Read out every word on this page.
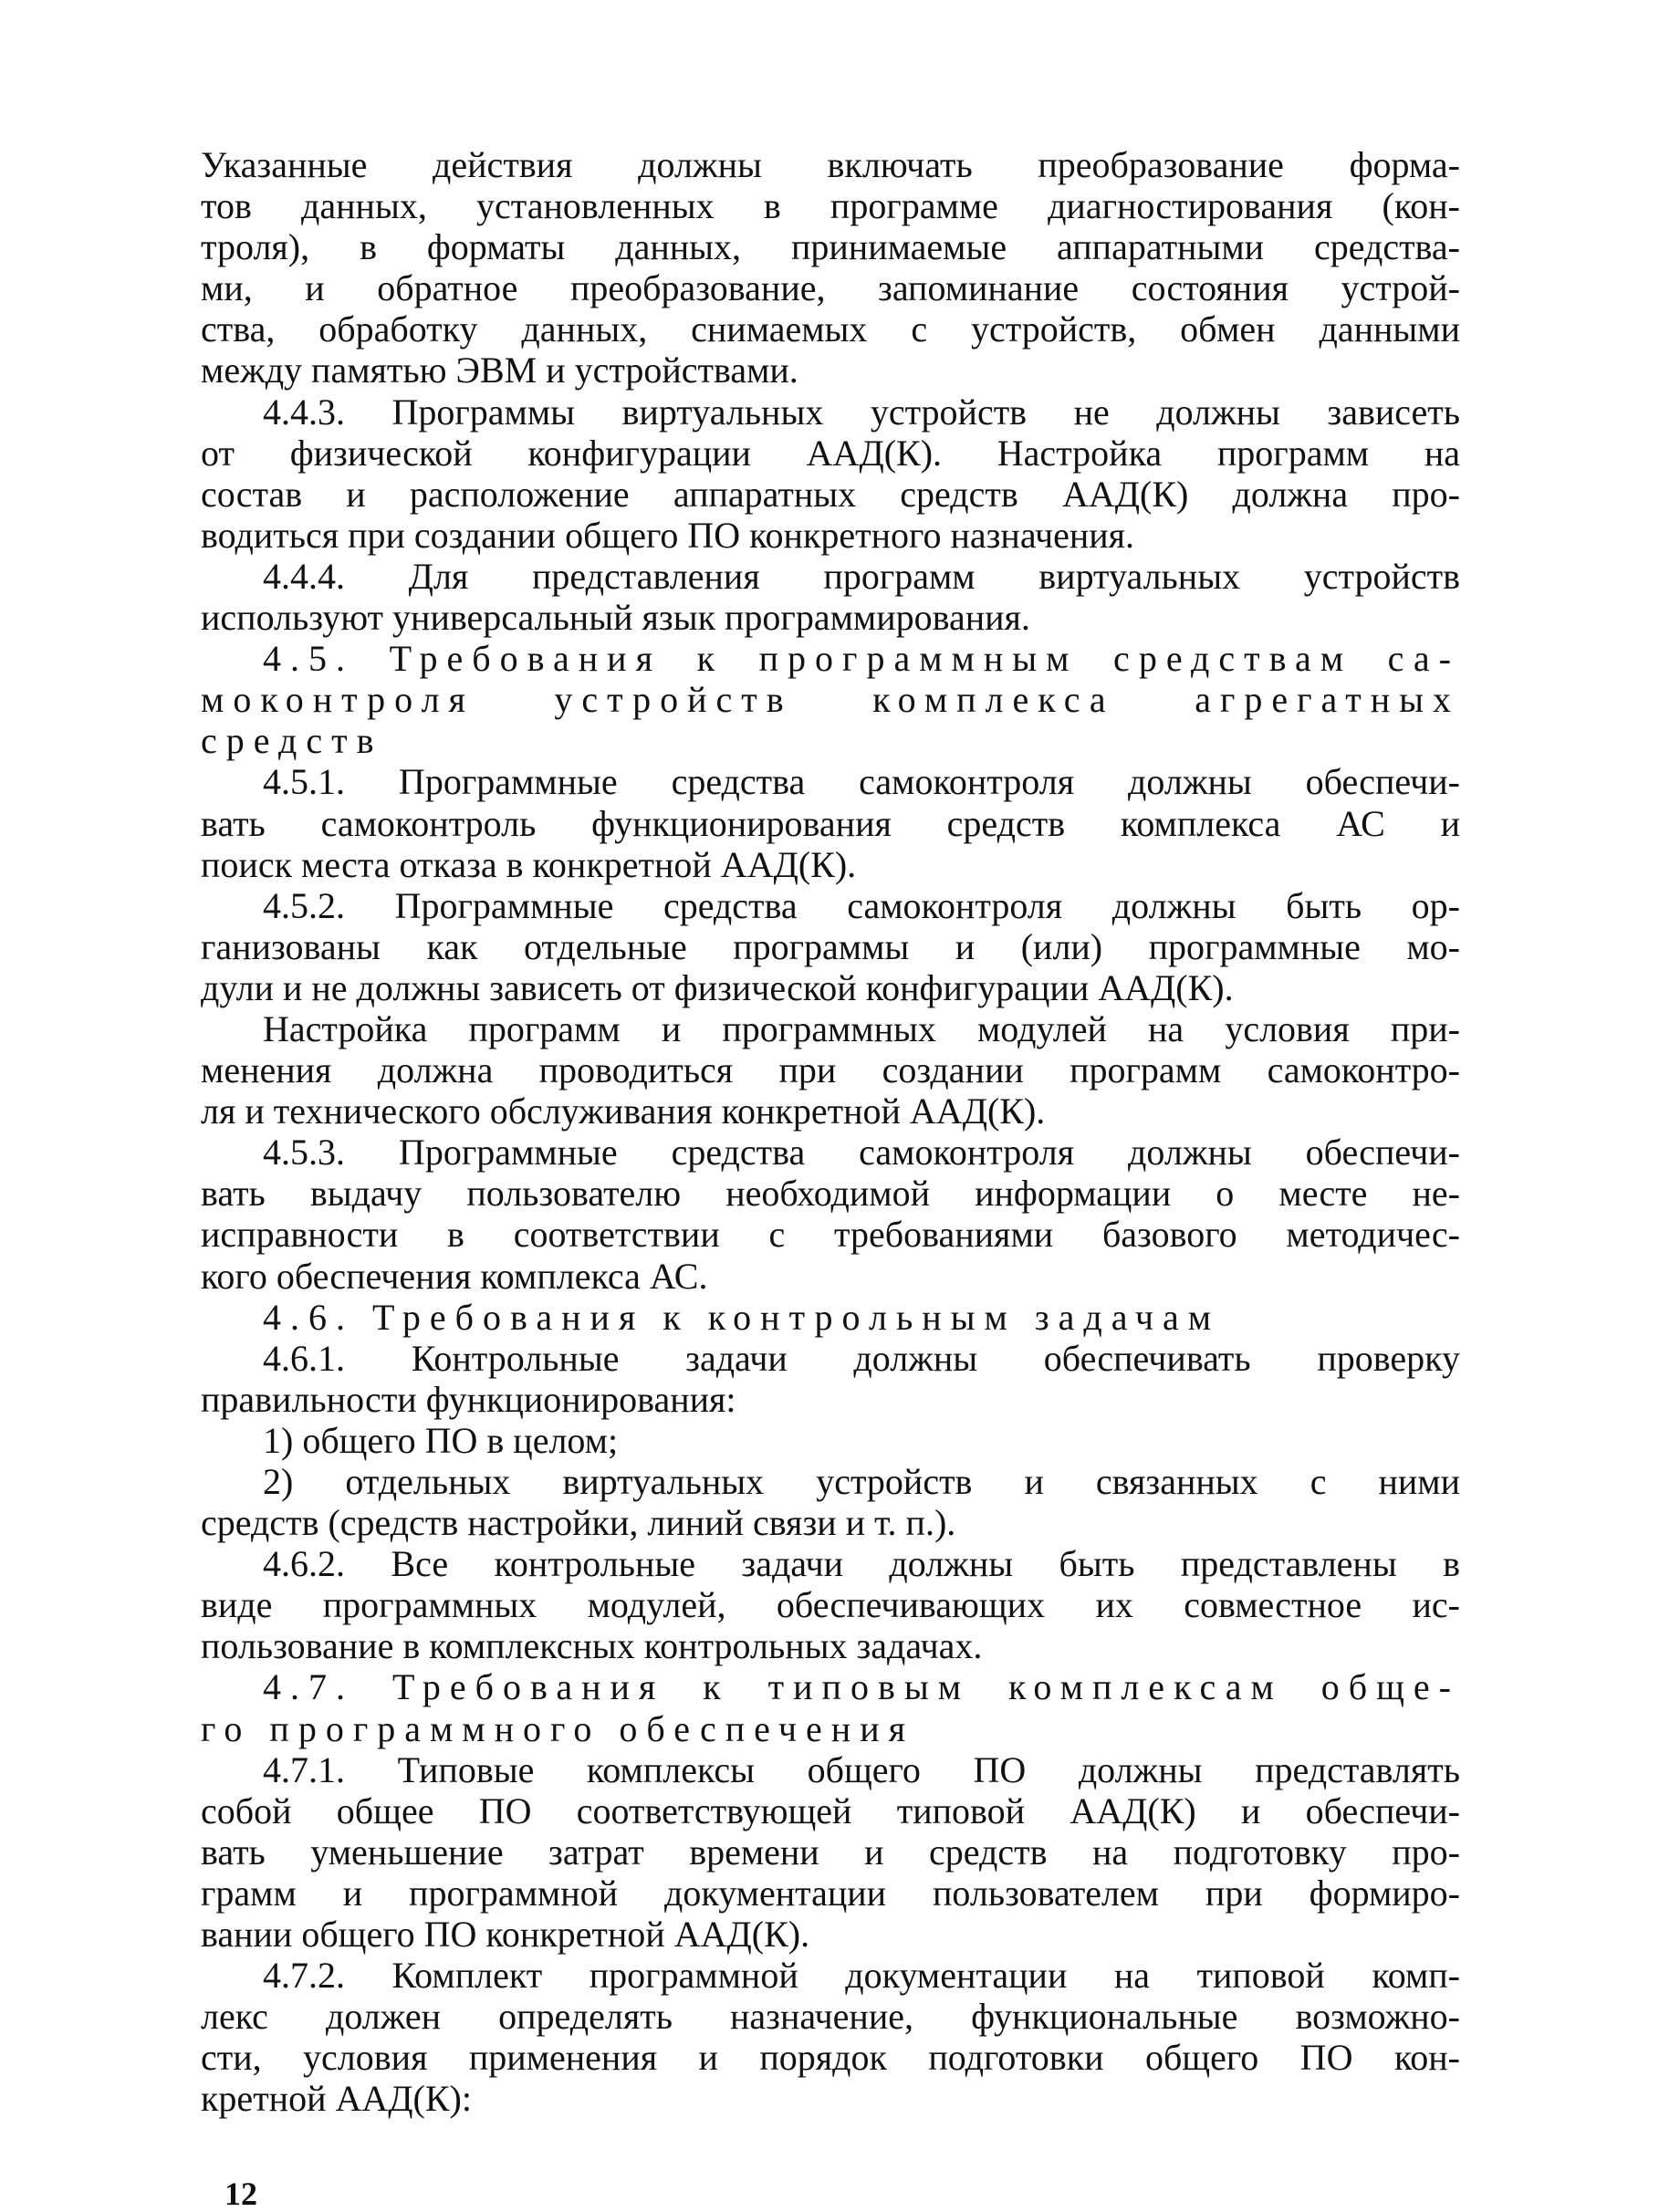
Указанные действия должны включать преобразование форма-
тов данных, установленных в программе диагностирования (кон-
троля), в форматы данных, принимаемые аппаратными средства-
ми, и обратное преобразование, запоминание состояния устрой-
ства, обработку данных, снимаемых с устройств, обмен данными
между памятью ЭВМ и устройствами.

4.4.3. Программы виртуальных устройств не должны зависеть
от физической конфигурации ААД(К). Настройка программ на
состав и расположение аппаратных средств ААД(К) должна про-
водиться при создании общего ПО конкретного назначения.

4.4.4. Для представления программ виртуальных устройств
используют универсальный язык программирования.

4.5. Требования к программным средствам са-
моконтроля устройств комплекса агрегатных
средств

4.5.1. Программные средства самоконтроля должны обеспечи-
вать самоконтроль функционирования средств комплекса АС и
поиск места отказа в конкретной ААД(К).

4.5.2. Программные средства самоконтроля должны быть ор-
ганизованы как отдельные программы и (или) программные мо-
дули и не должны зависеть от физической конфигурации ААД(К).

Настройка программ и программных модулей на условия при-
менения должна проводиться при создании программ самоконтро-
ля и технического обслуживания конкретной ААД(К).

4.5.3. Программные средства самоконтроля должны обеспечи-
вать выдачу пользователю необходимой информации о месте не-
исправности в соответствии с требованиями базового методичес-
кого обеспечения комплекса АС.

4.6. Требования к контрольным задачам

4.6.1. Контрольные задачи должны обеспечивать проверку
правильности функционирования:

1) общего ПО в целом;

2) отдельных виртуальных устройств и связанных с ними
средств (средств настройки, линий связи и т. п.).

4.6.2. Все контрольные задачи должны быть представлены в
виде программных модулей, обеспечивающих их совместное ис-
пользование в комплексных контрольных задачах.

4.7. Требования к типовым комплексам обще-
го программного обеспечения

4.7.1. Типовые комплексы общего ПО должны представлять
собой общее ПО соответствующей типовой ААД(К) и обеспечи-
вать уменьшение затрат времени и средств на подготовку про-
грамм и программной документации пользователем при формиро-
вании общего ПО конкретной ААД(К).

4.7.2. Комплект программной документации на типовой комп-
лекс должен определять назначение, функциональные возможно-
сти, условия применения и порядок подготовки общего ПО кон-
кретной ААД(К):

12
